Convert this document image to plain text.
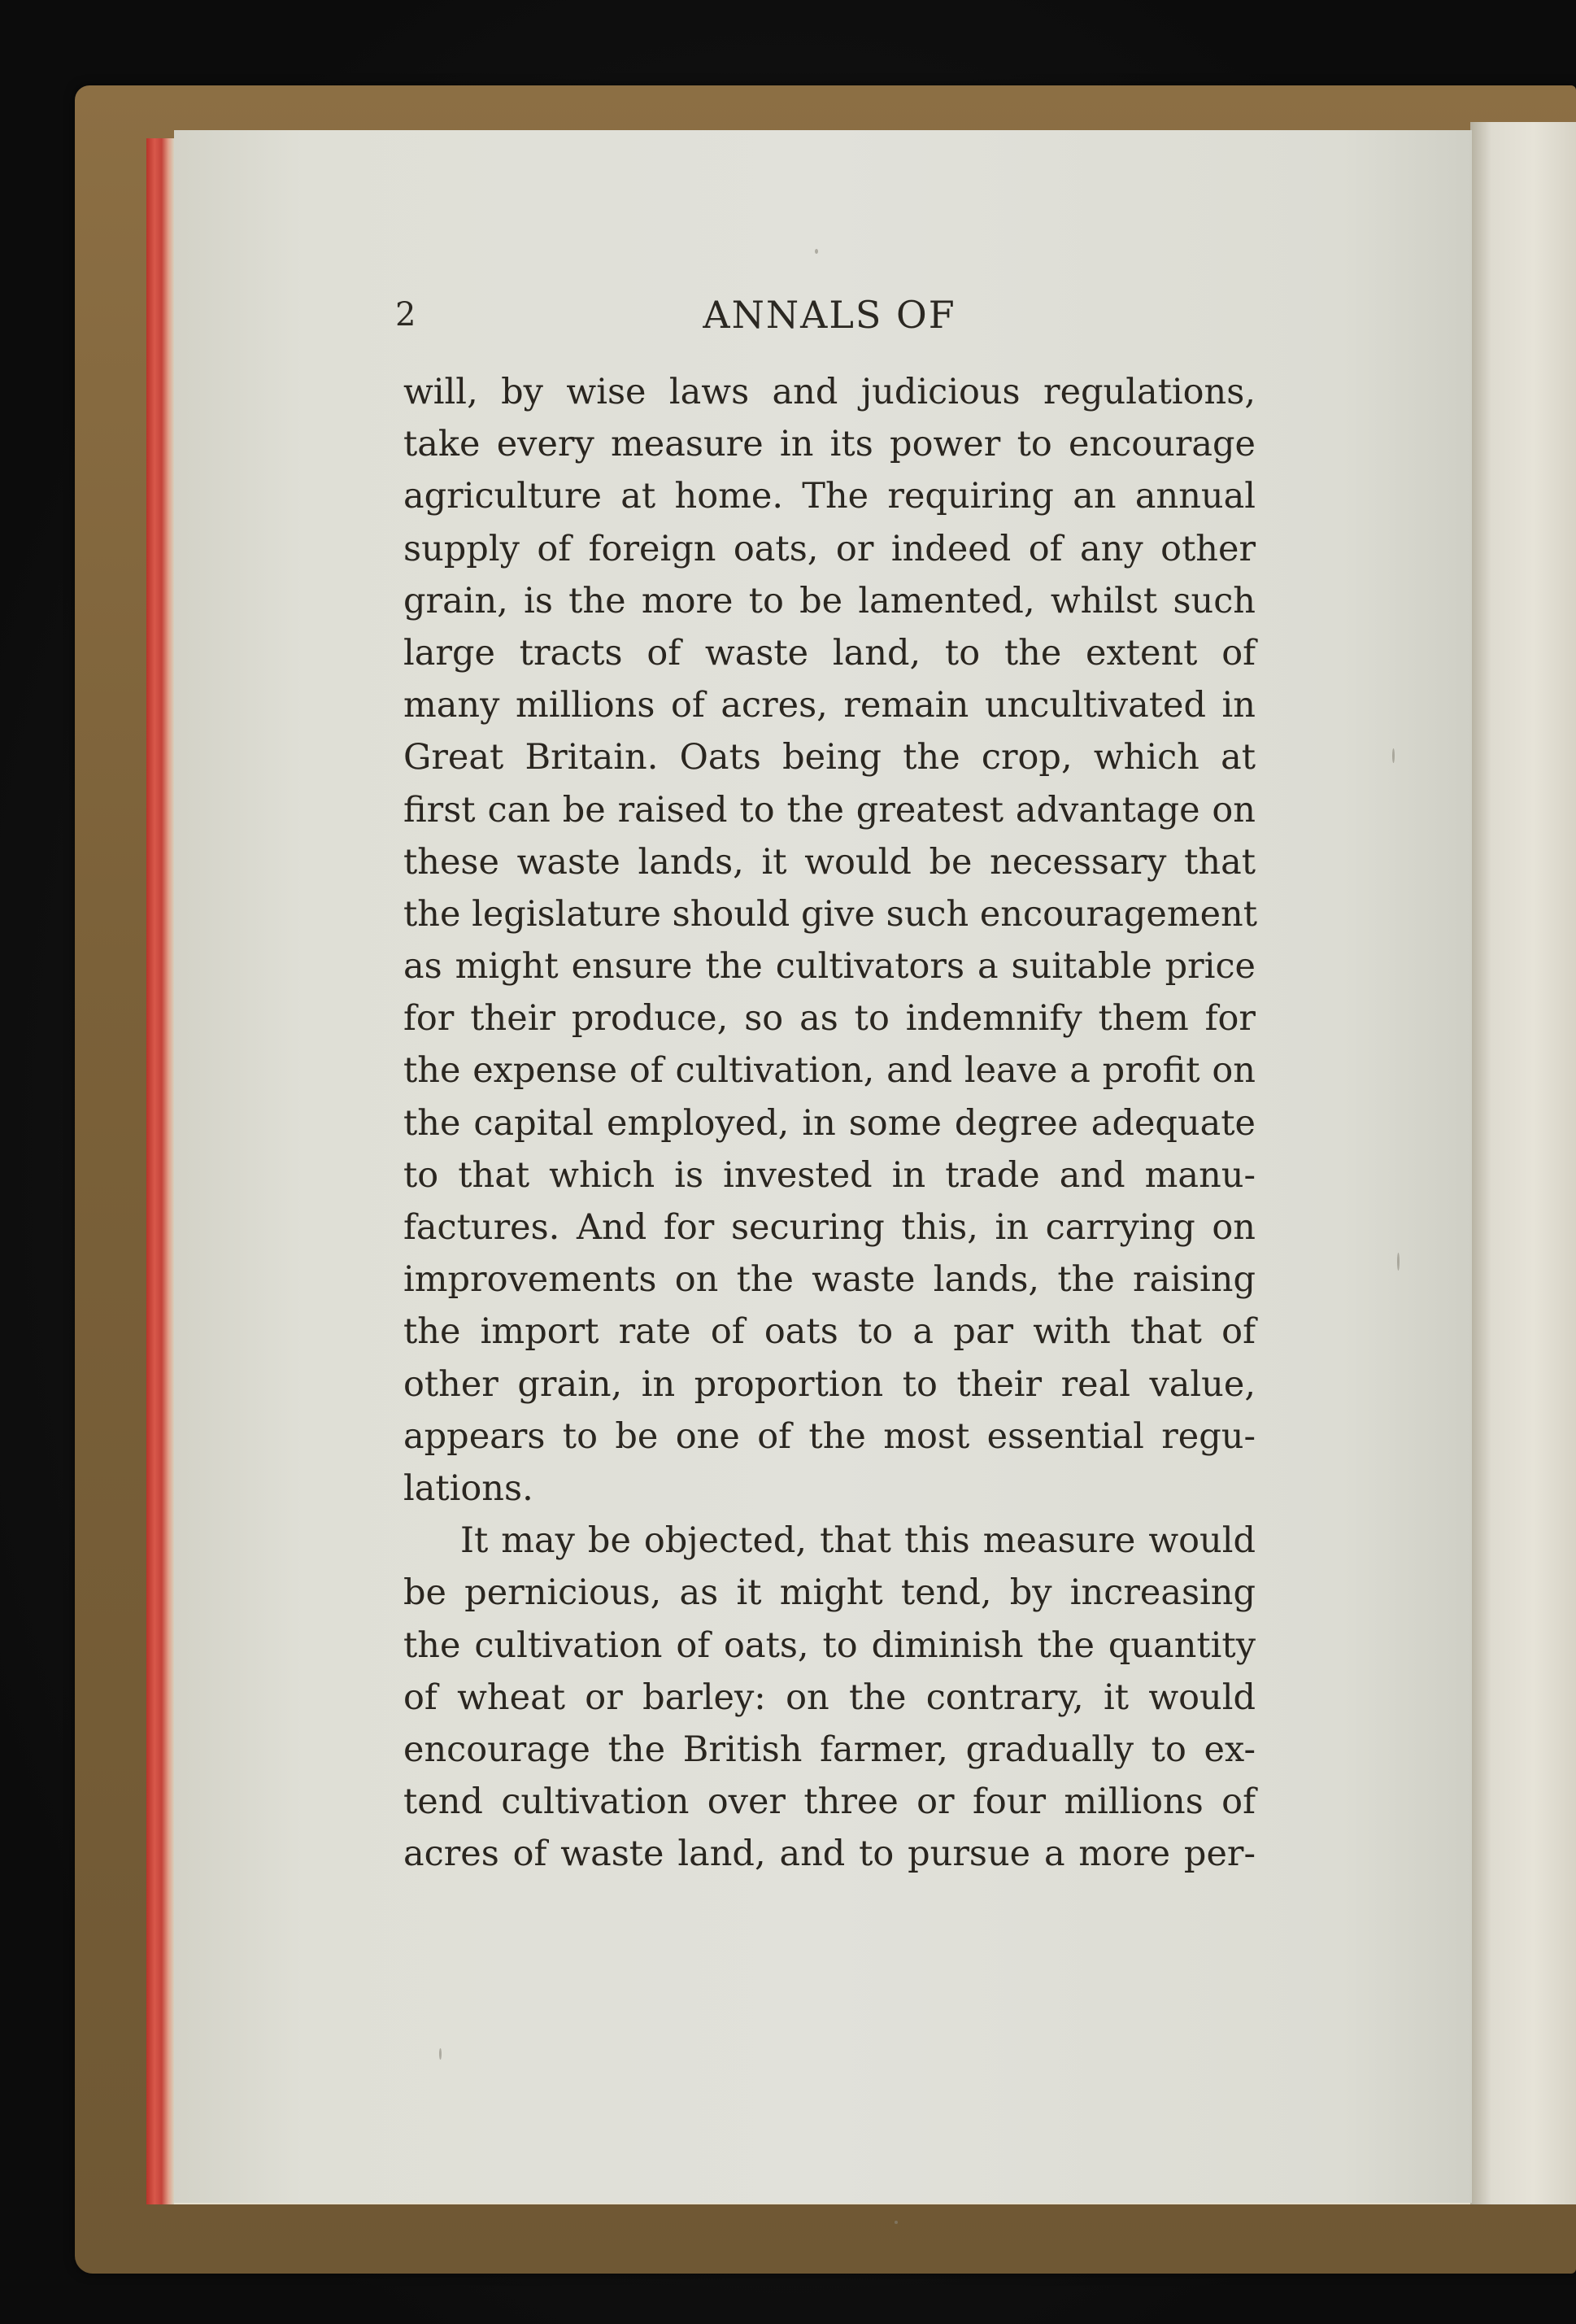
2	ANNALS OF
will, by wise laws and judicious regulations,
take every measure in its power to encourage
agriculture at home. The requiring an annual
supply of foreign oats, or indeed of any other
grain, is the more to be lamented, whilst such
large tracts of waste land, to the extent of
many millions of acres, remain uncultivated in
Great Britain. Oats being the crop, which at
first can be raised to the greatest advantage on
these waste lands, it would be necessary that
the legislature should give such encouragement
as might ensure the cultivators a suitable price
for their produce, so as to indemnify them for
the expense of cultivation, and leave a profit on
the capital employed, in some degree adequate
to that which is invested in trade and manu-
factures. And for securing this, in carrying on
improvements on the waste lands, the raising
the import rate of oats to a par with that of
other grain, in proportion to their real value,
appears to be one of the most essential regu-
lations.
It may be objected, that this measure would
be pernicious, as it might tend, by increasing
the cultivation of oats, to diminish the quantity
of wheat or barley: on the contrary, it would
encourage the British farmer, gradually to ex-
tend cultivation over three or four millions of
acres of waste land, and to pursue a more per-
